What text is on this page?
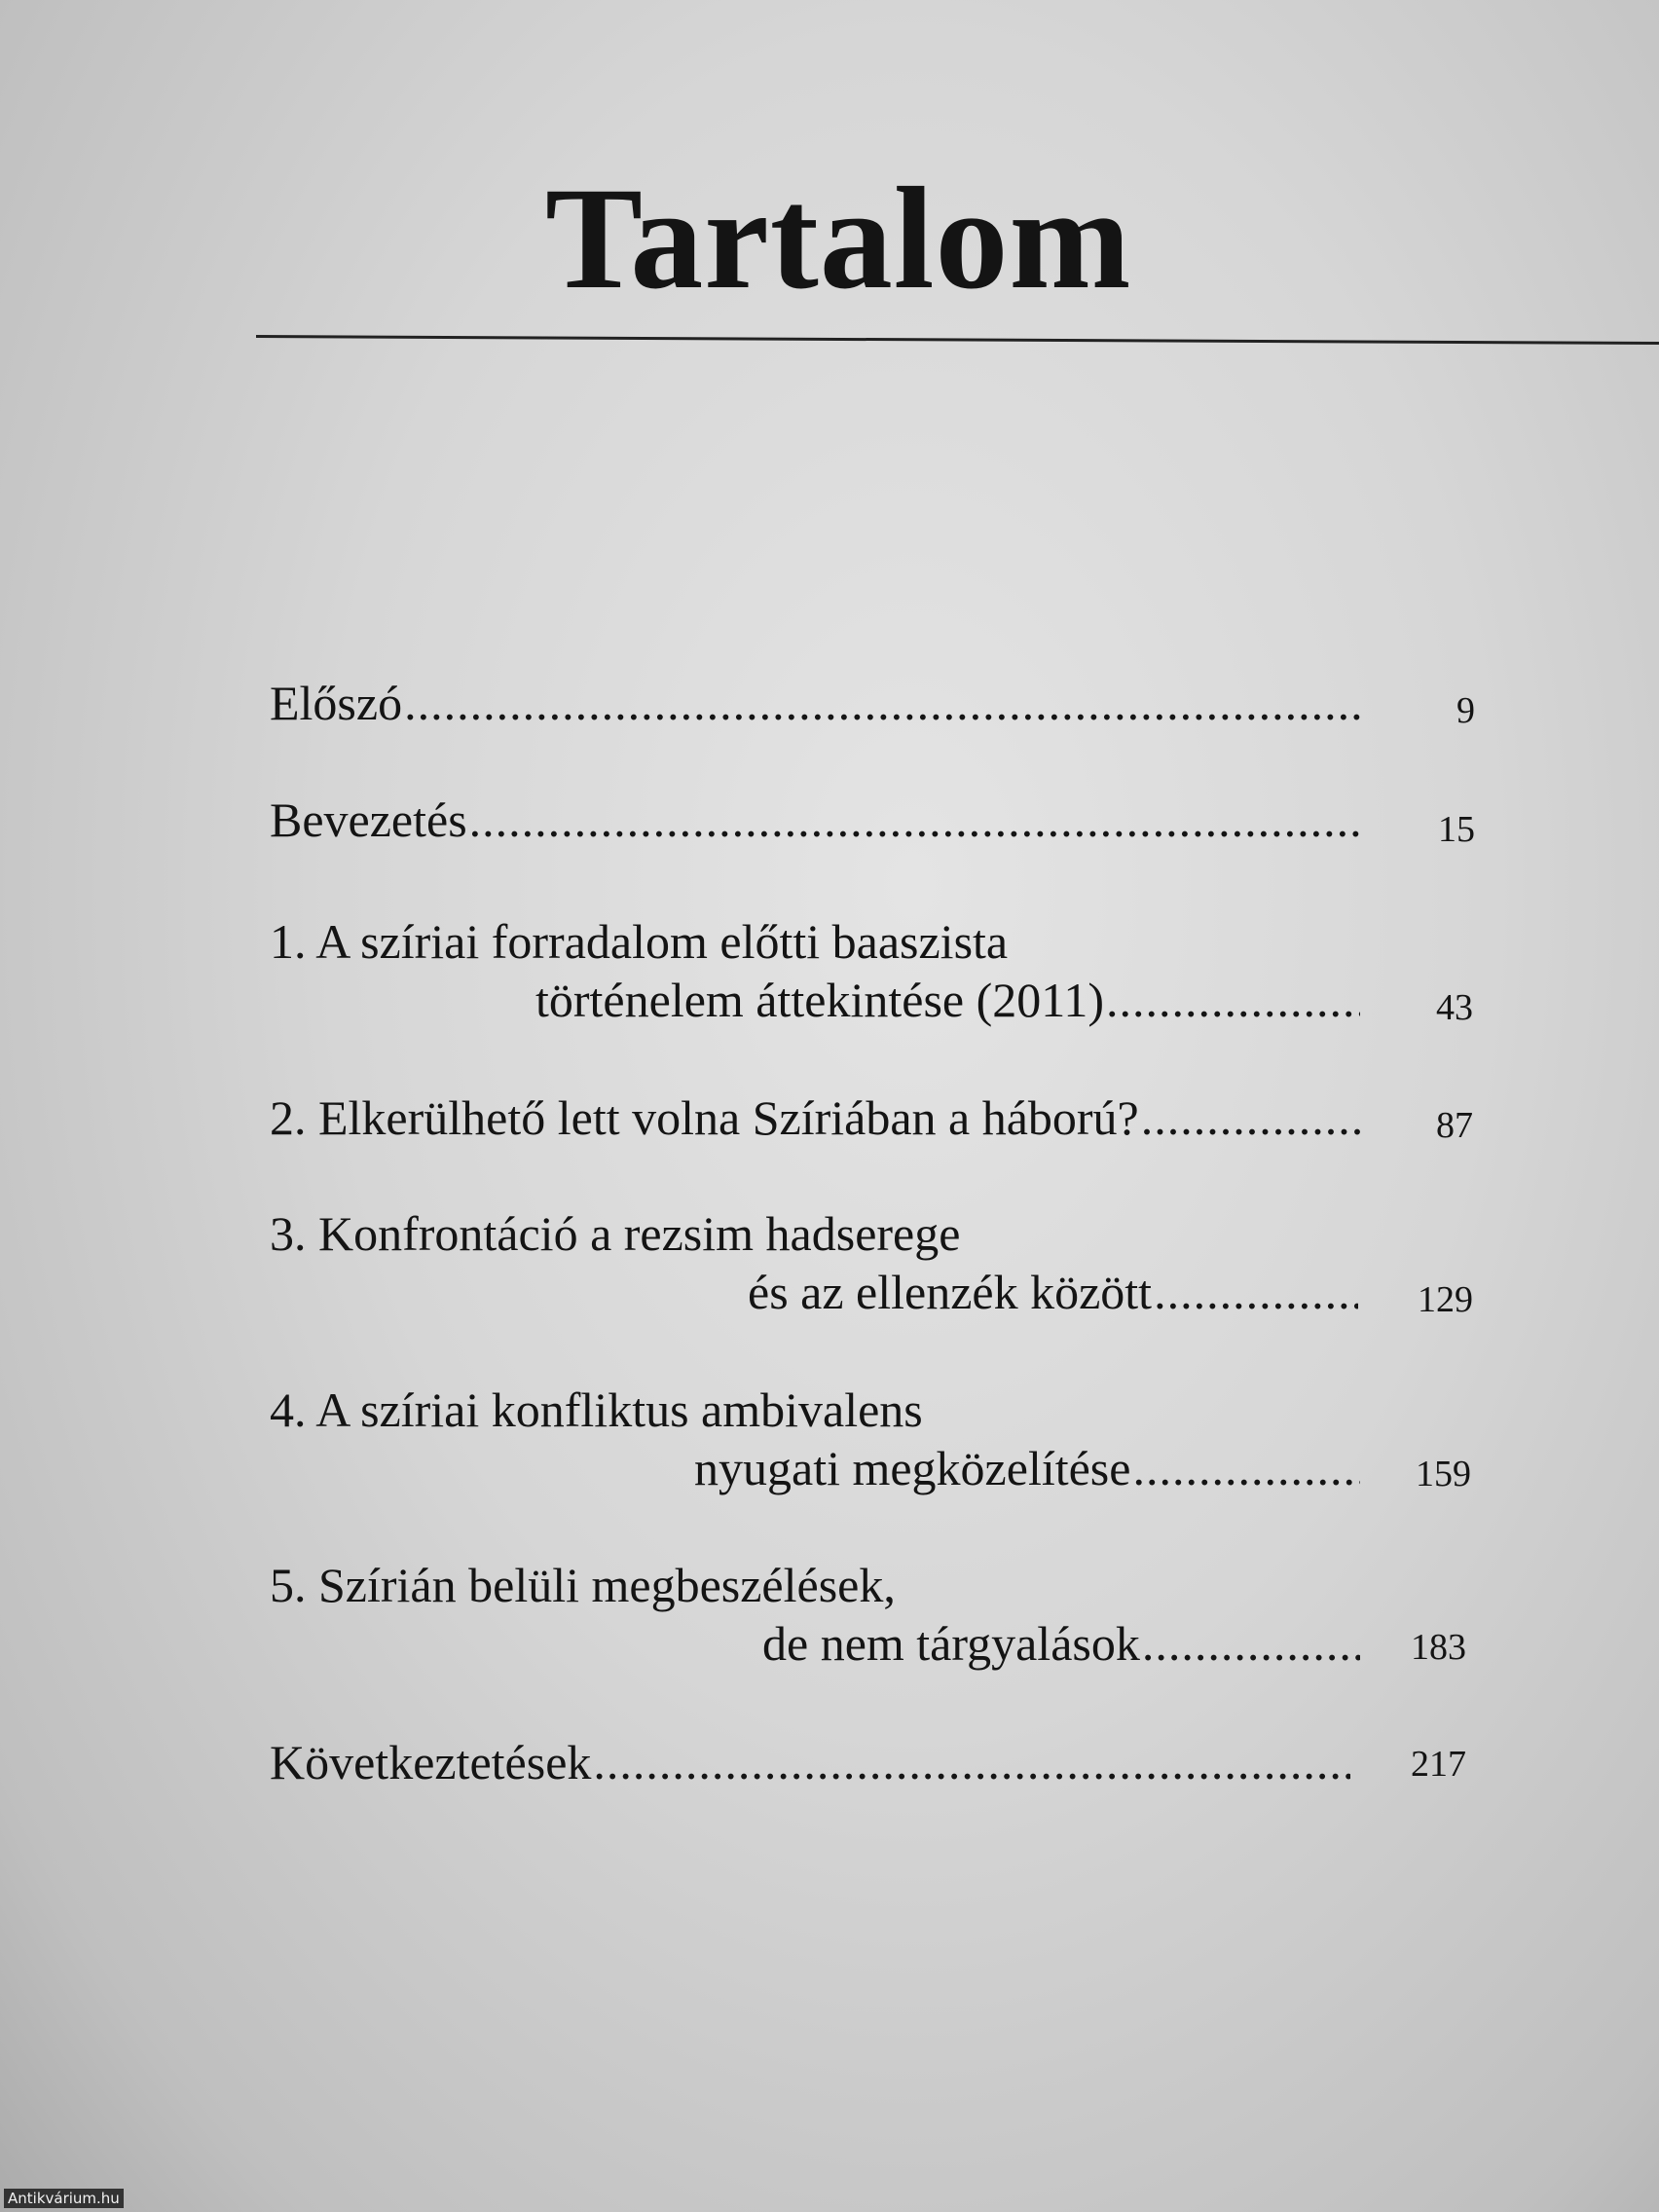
Tartalom
Előszó .....	9
Bevezetés .....	15
1. A szíriai forradalom előtti baaszista
történelem áttekintése (2011) .....	43
2. Elkerülhető lett volna Szíriában a háború? .....	87
3. Konfrontáció a rezsim hadserege
és az ellenzék között .....	129
4. A szíriai konfliktus ambivalens
nyugati megközelítése .....	159
5. Szírián belüli megbeszélések,
de nem tárgyalások .....	183
Következtetések .....	217
Antikvárium.hu
